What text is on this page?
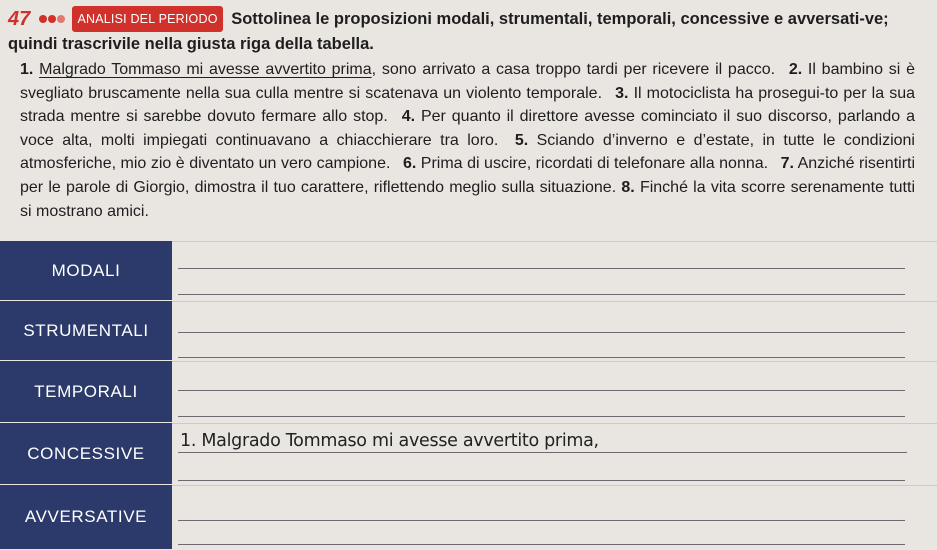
47	ANALISI DEL PERIODO Sottolinea le proposizioni modali, strumentali, temporali, concessive e avversati-ve; quindi trascrivile nella giusta riga della tabella.
1. Malgrado Tommaso mi avesse avvertito prima, sono arrivato a casa troppo tardi per ricevere il pacco. 2. Il bambino si è svegliato bruscamente nella sua culla mentre si scatenava un violento temporale. 3. Il motociclista ha prosegui-to per la sua strada mentre si sarebbe dovuto fermare allo stop. 4. Per quanto il direttore avesse cominciato il suo discorso, parlando a voce alta, molti impiegati continuavano a chiacchierare tra loro. 5. Sciando d’inverno e d’estate, in tutte le condizioni atmosferiche, mio zio è diventato un vero campione. 6. Prima di uscire, ricordati di telefonare alla nonna. 7. Anziché risentirti per le parole di Giorgio, dimostra il tuo carattere, riflettendo meglio sulla situazione. 8. Finché la vita scorre serenamente tutti si mostrano amici.
MODALI
STRUMENTALI
TEMPORALI
CONCESSIVE
1. Malgrado Tommaso mi avesse avvertito prima,
AVVERSATIVE
